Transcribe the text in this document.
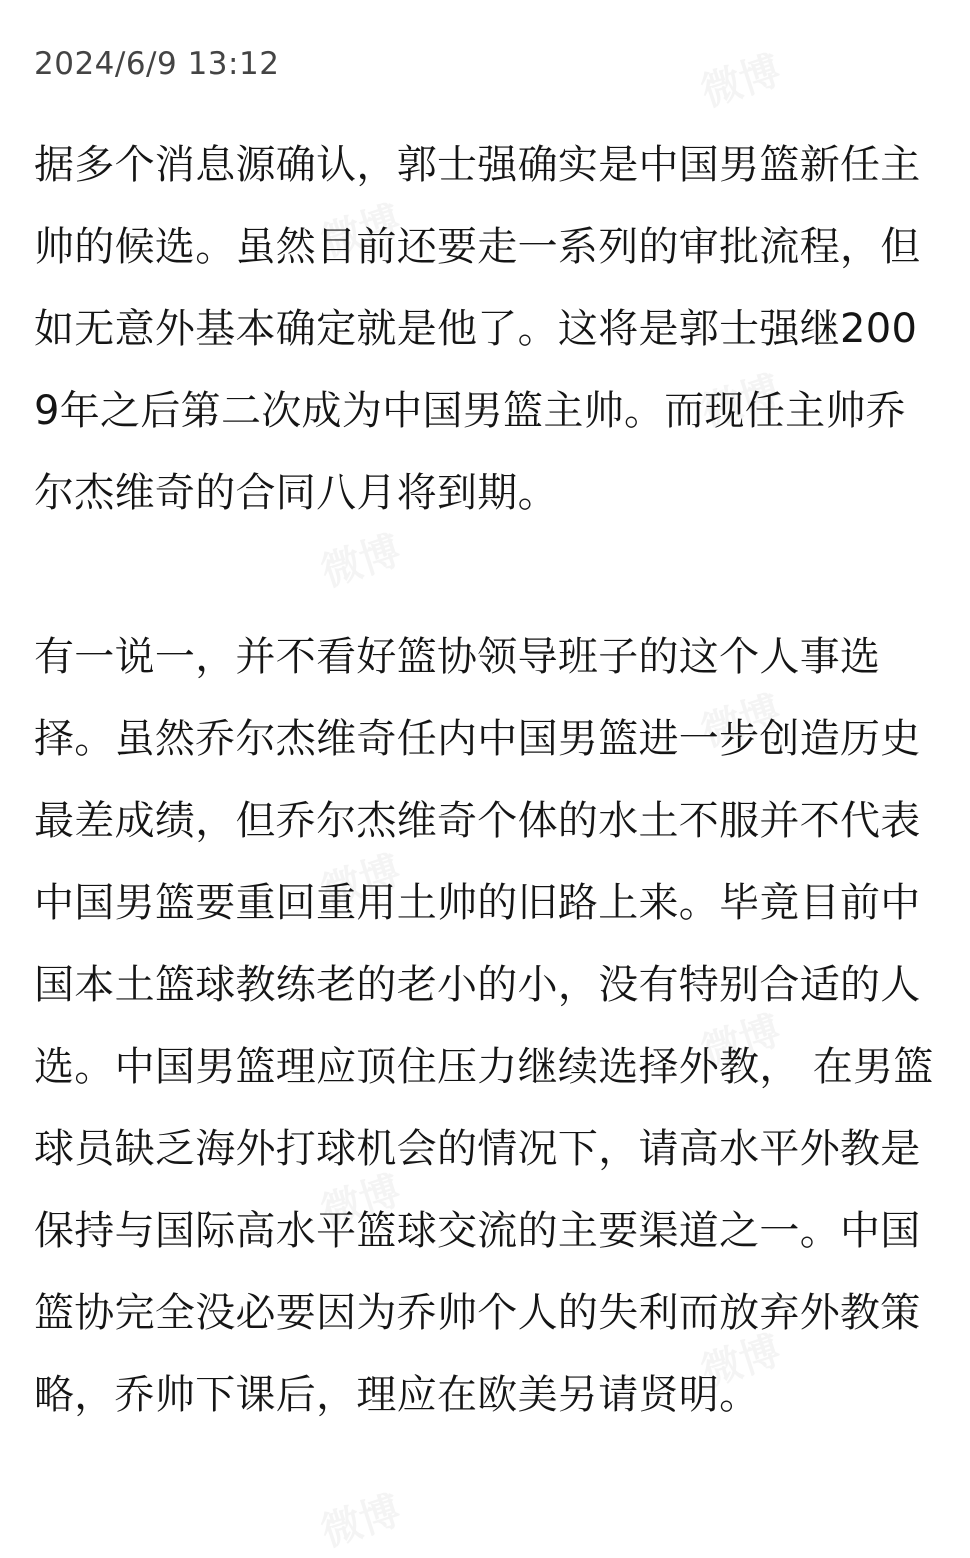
2024/6/9 13:12

据多个消息源确认，郭士强确实是中国男篮新任主帅的候选。虽然目前还要走一系列的审批流程，但如无意外基本确定就是他了。这将是郭士强继2009年之后第二次成为中国男篮主帅。而现任主帅乔尔杰维奇的合同八月将到期。

有一说一，并不看好篮协领导班子的这个人事选择。虽然乔尔杰维奇任内中国男篮进一步创造历史最差成绩，但乔尔杰维奇个体的水土不服并不代表中国男篮要重回重用土帅的旧路上来。毕竟目前中国本土篮球教练老的老小的小，没有特别合适的人选。中国男篮理应顶住压力继续选择外教， 在男篮球员缺乏海外打球机会的情况下，请高水平外教是保持与国际高水平篮球交流的主要渠道之一。中国篮协完全没必要因为乔帅个人的失利而放弃外教策略，乔帅下课后，理应在欧美另请贤明。
